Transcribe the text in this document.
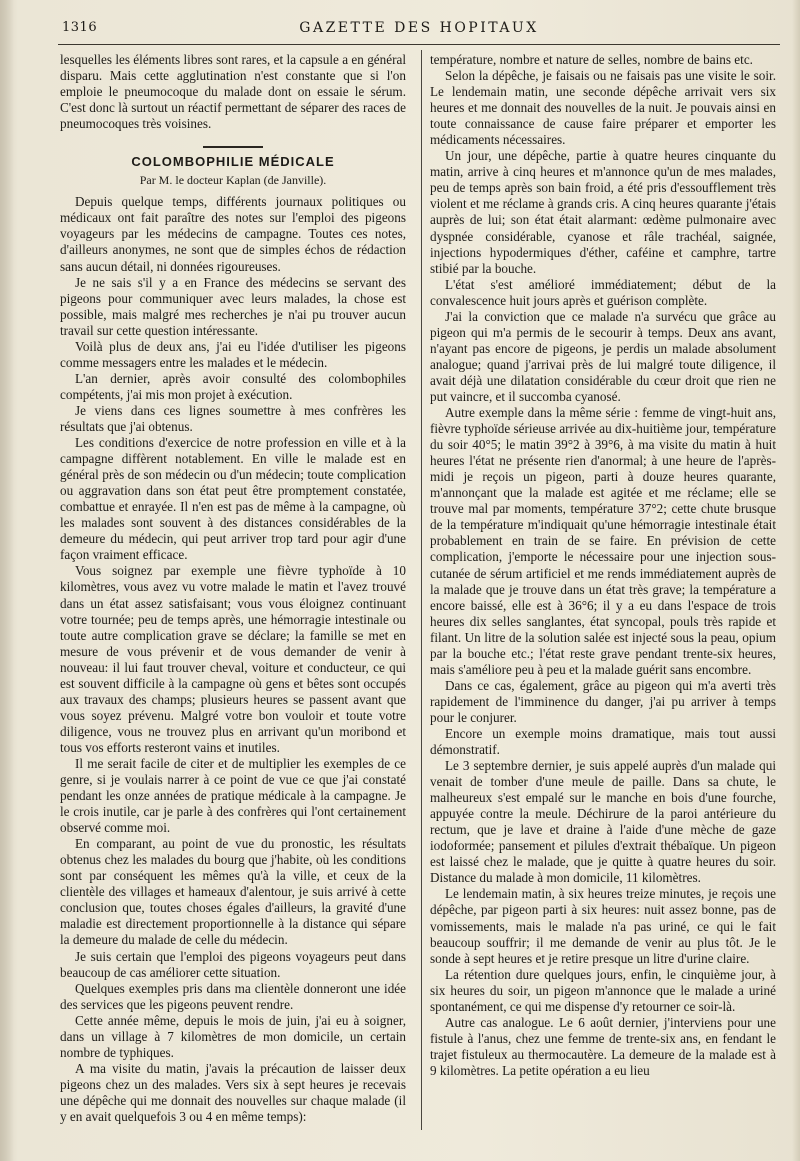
1316	GAZETTE DES HOPITAUX

lesquelles les éléments libres sont rares, et la capsule a en général disparu. Mais cette agglutination n'est constante que si l'on emploie le pneumocoque du malade dont on essaie le sérum. C'est donc là surtout un réactif permettant de séparer des races de pneumocoques très voisines.

COLOMBOPHILIE MÉDICALE
Par M. le docteur Kaplan (de Janville).

Depuis quelque temps, différents journaux politiques ou médicaux ont fait paraître des notes sur l'emploi des pigeons voyageurs par les médecins de campagne. Toutes ces notes, d'ailleurs anonymes, ne sont que de simples échos de rédaction sans aucun détail, ni données rigoureuses.

Je ne sais s'il y a en France des médecins se servant des pigeons pour communiquer avec leurs malades, la chose est possible, mais malgré mes recherches je n'ai pu trouver aucun travail sur cette question intéressante.

Voilà plus de deux ans, j'ai eu l'idée d'utiliser les pigeons comme messagers entre les malades et le médecin.

L'an dernier, après avoir consulté des colombophiles compétents, j'ai mis mon projet à exécution.

Je viens dans ces lignes soumettre à mes confrères les résultats que j'ai obtenus.

Les conditions d'exercice de notre profession en ville et à la campagne diffèrent notablement. En ville le malade est en général près de son médecin ou d'un médecin; toute complication ou aggravation dans son état peut être promptement constatée, combattue et enrayée. Il n'en est pas de même à la campagne, où les malades sont souvent à des distances considérables de la demeure du médecin, qui peut arriver trop tard pour agir d'une façon vraiment efficace.

Vous soignez par exemple une fièvre typhoïde à 10 kilomètres, vous avez vu votre malade le matin et l'avez trouvé dans un état assez satisfaisant; vous vous éloignez continuant votre tournée; peu de temps après, une hémorragie intestinale ou toute autre complication grave se déclare; la famille se met en mesure de vous prévenir et de vous demander de venir à nouveau: il lui faut trouver cheval, voiture et conducteur, ce qui est souvent difficile à la campagne où gens et bêtes sont occupés aux travaux des champs; plusieurs heures se passent avant que vous soyez prévenu. Malgré votre bon vouloir et toute votre diligence, vous ne trouvez plus en arrivant qu'un moribond et tous vos efforts resteront vains et inutiles.

Il me serait facile de citer et de multiplier les exemples de ce genre, si je voulais narrer à ce point de vue ce que j'ai constaté pendant les onze années de pratique médicale à la campagne. Je le crois inutile, car je parle à des confrères qui l'ont certainement observé comme moi.

En comparant, au point de vue du pronostic, les résultats obtenus chez les malades du bourg que j'habite, où les conditions sont par conséquent les mêmes qu'à la ville, et ceux de la clientèle des villages et hameaux d'alentour, je suis arrivé à cette conclusion que, toutes choses égales d'ailleurs, la gravité d'une maladie est directement proportionnelle à la distance qui sépare la demeure du malade de celle du médecin.

Je suis certain que l'emploi des pigeons voyageurs peut dans beaucoup de cas améliorer cette situation.

Quelques exemples pris dans ma clientèle donneront une idée des services que les pigeons peuvent rendre.

Cette année même, depuis le mois de juin, j'ai eu à soigner, dans un village à 7 kilomètres de mon domicile, un certain nombre de typhiques.

A ma visite du matin, j'avais la précaution de laisser deux pigeons chez un des malades. Vers six à sept heures je recevais une dépêche qui me donnait des nouvelles sur chaque malade (il y en avait quelquefois 3 ou 4 en même temps):

température, nombre et nature de selles, nombre de bains etc.

Selon la dépêche, je faisais ou ne faisais pas une visite le soir. Le lendemain matin, une seconde dépêche arrivait vers six heures et me donnait des nouvelles de la nuit. Je pouvais ainsi en toute connaissance de cause faire préparer et emporter les médicaments nécessaires.

Un jour, une dépêche, partie à quatre heures cinquante du matin, arrive à cinq heures et m'annonce qu'un de mes malades, peu de temps après son bain froid, a été pris d'essoufflement très violent et me réclame à grands cris. A cinq heures quarante j'étais auprès de lui; son état était alarmant: œdème pulmonaire avec dyspnée considérable, cyanose et râle trachéal, saignée, injections hypodermiques d'éther, caféine et camphre, tartre stibié par la bouche.

L'état s'est amélioré immédiatement; début de la convalescence huit jours après et guérison complète.

J'ai la conviction que ce malade n'a survécu que grâce au pigeon qui m'a permis de le secourir à temps. Deux ans avant, n'ayant pas encore de pigeons, je perdis un malade absolument analogue; quand j'arrivai près de lui malgré toute diligence, il avait déjà une dilatation considérable du cœur droit que rien ne put vaincre, et il succomba cyanosé.

Autre exemple dans la même série : femme de vingt-huit ans, fièvre typhoïde sérieuse arrivée au dix-huitième jour, température du soir 40°5; le matin 39°2 à 39°6, à ma visite du matin à huit heures l'état ne présente rien d'anormal; à une heure de l'après-midi je reçois un pigeon, parti à douze heures quarante, m'annonçant que la malade est agitée et me réclame; elle se trouve mal par moments, température 37°2; cette chute brusque de la température m'indiquait qu'une hémorragie intestinale était probablement en train de se faire. En prévision de cette complication, j'emporte le nécessaire pour une injection sous-cutanée de sérum artificiel et me rends immédiatement auprès de la malade que je trouve dans un état très grave; la température a encore baissé, elle est à 36°6; il y a eu dans l'espace de trois heures dix selles sanglantes, état syncopal, pouls très rapide et filant. Un litre de la solution salée est injecté sous la peau, opium par la bouche etc.; l'état reste grave pendant trente-six heures, mais s'améliore peu à peu et la malade guérit sans encombre.

Dans ce cas, également, grâce au pigeon qui m'a averti très rapidement de l'imminence du danger, j'ai pu arriver à temps pour le conjurer.

Encore un exemple moins dramatique, mais tout aussi démonstratif.

Le 3 septembre dernier, je suis appelé auprès d'un malade qui venait de tomber d'une meule de paille. Dans sa chute, le malheureux s'est empalé sur le manche en bois d'une fourche, appuyée contre la meule. Déchirure de la paroi antérieure du rectum, que je lave et draine à l'aide d'une mèche de gaze iodoformée; pansement et pilules d'extrait thébaïque. Un pigeon est laissé chez le malade, que je quitte à quatre heures du soir. Distance du malade à mon domicile, 11 kilomètres.

Le lendemain matin, à six heures treize minutes, je reçois une dépêche, par pigeon parti à six heures: nuit assez bonne, pas de vomissements, mais le malade n'a pas uriné, ce qui le fait beaucoup souffrir; il me demande de venir au plus tôt. Je le sonde à sept heures et je retire presque un litre d'urine claire.

La rétention dure quelques jours, enfin, le cinquième jour, à six heures du soir, un pigeon m'annonce que le malade a uriné spontanément, ce qui me dispense d'y retourner ce soir-là.

Autre cas analogue. Le 6 août dernier, j'interviens pour une fistule à l'anus, chez une femme de trente-six ans, en fendant le trajet fistuleux au thermocautère. La demeure de la malade est à 9 kilomètres. La petite opération a eu lieu
